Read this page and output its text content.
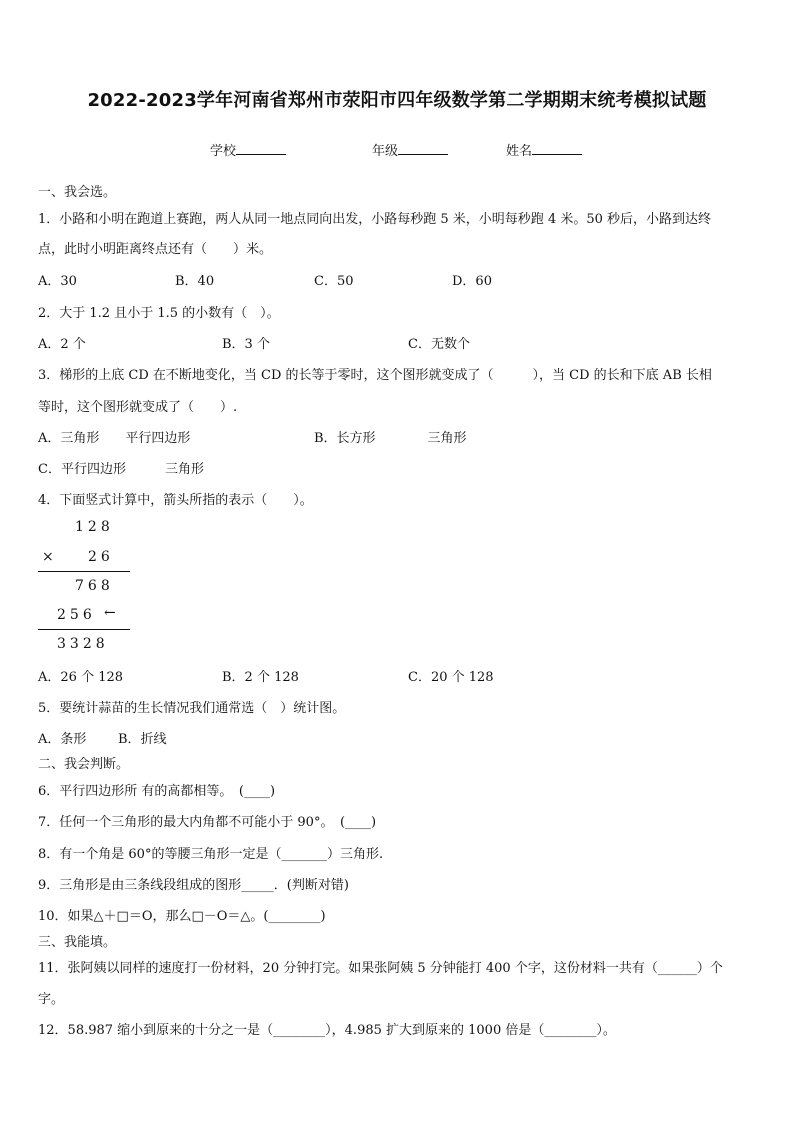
2022-2023学年河南省郑州市荥阳市四年级数学第二学期期末统考模拟试题
学校	年级	姓名
一、我会选。
1．小路和小明在跑道上赛跑，两人从同一地点同向出发，小路每秒跑 5 米，小明每秒跑 4 米。50 秒后，小路到达终
点，此时小明距离终点还有（　　）米。
A．30	B．40	C．50	D．60
2．大于 1.2 且小于 1.5 的小数有（　）。
A．2 个	B．3 个	C．无数个
3．梯形的上底 CD 在不断地变化，当 CD 的长等于零时，这个图形就变成了（　　　），当 CD 的长和下底 AB 长相
等时，这个图形就变成了（　　）.
A．三角形　　平行四边形	B．长方形　　　　三角形
C．平行四边形　　　三角形
4．下面竖式计算中，箭头所指的表示（　　）。
128
× 26
768
256 ←
3328
A．26 个 128	B．2 个 128	C．20 个 128
5．要统计蒜苗的生长情况我们通常选（　）统计图。
A．条形 B．折线
二、我会判断。
6．平行四边形所 有的高都相等。　(____)
7．任何一个三角形的最大内角都不可能小于 90°。　(____)
8．有一个角是 60°的等腰三角形一定是（_______）三角形.
9．三角形是由三条线段组成的图形_____．(判断对错)
10．如果△＋□＝O，那么□－O＝△。(________)
三、我能填。
11．张阿姨以同样的速度打一份材料，20 分钟打完。如果张阿姨 5 分钟能打 400 个字，这份材料一共有（______）个
字。
12．58.987 缩小到原来的十分之一是（________），4.985 扩大到原来的 1000 倍是（________）。
